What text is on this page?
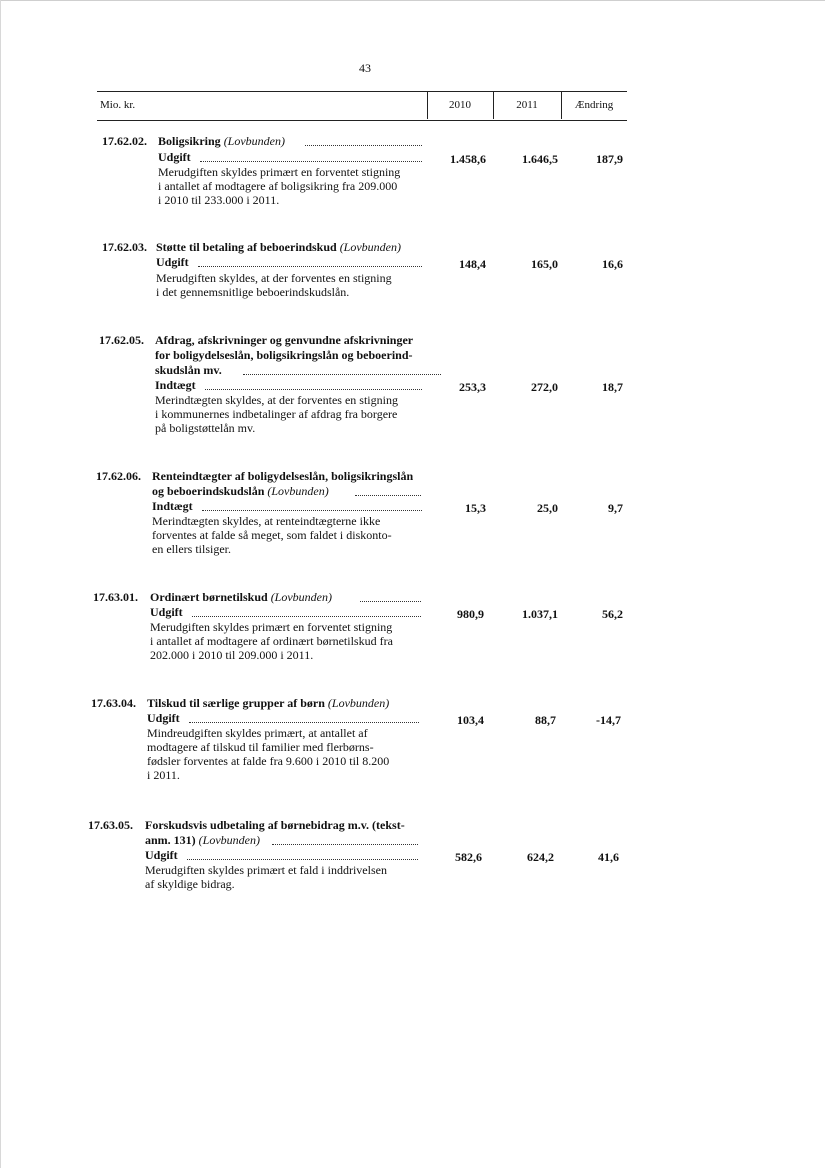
43
Mio. kr.	2010	2011	Ændring
17.62.02. Boligsikring (Lovbunden)
Udgift	1.458,6	1.646,5	187,9
Merudgiften skyldes primært en forventet stigning
i antallet af modtagere af boligsikring fra 209.000
i 2010 til 233.000 i 2011.
17.62.03. Støtte til betaling af beboerindskud (Lovbunden)
Udgift	148,4	165,0	16,6
Merudgiften skyldes, at der forventes en stigning
i det gennemsnitlige beboerindskudslån.
17.62.05. Afdrag, afskrivninger og genvundne afskrivninger
for boligydelseslån, boligsikringslån og beboerind-
skudslån mv.
Indtægt	253,3	272,0	18,7
Merindtægten skyldes, at der forventes en stigning
i kommunernes indbetalinger af afdrag fra borgere
på boligstøttelån mv.
17.62.06. Renteindtægter af boligydelseslån, boligsikringslån
og beboerindskudslån (Lovbunden)
Indtægt	15,3	25,0	9,7
Merindtægten skyldes, at renteindtægterne ikke
forventes at falde så meget, som faldet i diskonto-
en ellers tilsiger.
17.63.01. Ordinært børnetilskud (Lovbunden)
Udgift	980,9	1.037,1	56,2
Merudgiften skyldes primært en forventet stigning
i antallet af modtagere af ordinært børnetilskud fra
202.000 i 2010 til 209.000 i 2011.
17.63.04. Tilskud til særlige grupper af børn (Lovbunden)
Udgift	103,4	88,7	-14,7
Mindreudgiften skyldes primært, at antallet af
modtagere af tilskud til familier med flerbørns-
fødsler forventes at falde fra 9.600 i 2010 til 8.200
i 2011.
17.63.05. Forskudsvis udbetaling af børnebidrag m.v. (tekst-
anm. 131) (Lovbunden)
Udgift	582,6	624,2	41,6
Merudgiften skyldes primært et fald i inddrivelsen
af skyldige bidrag.
